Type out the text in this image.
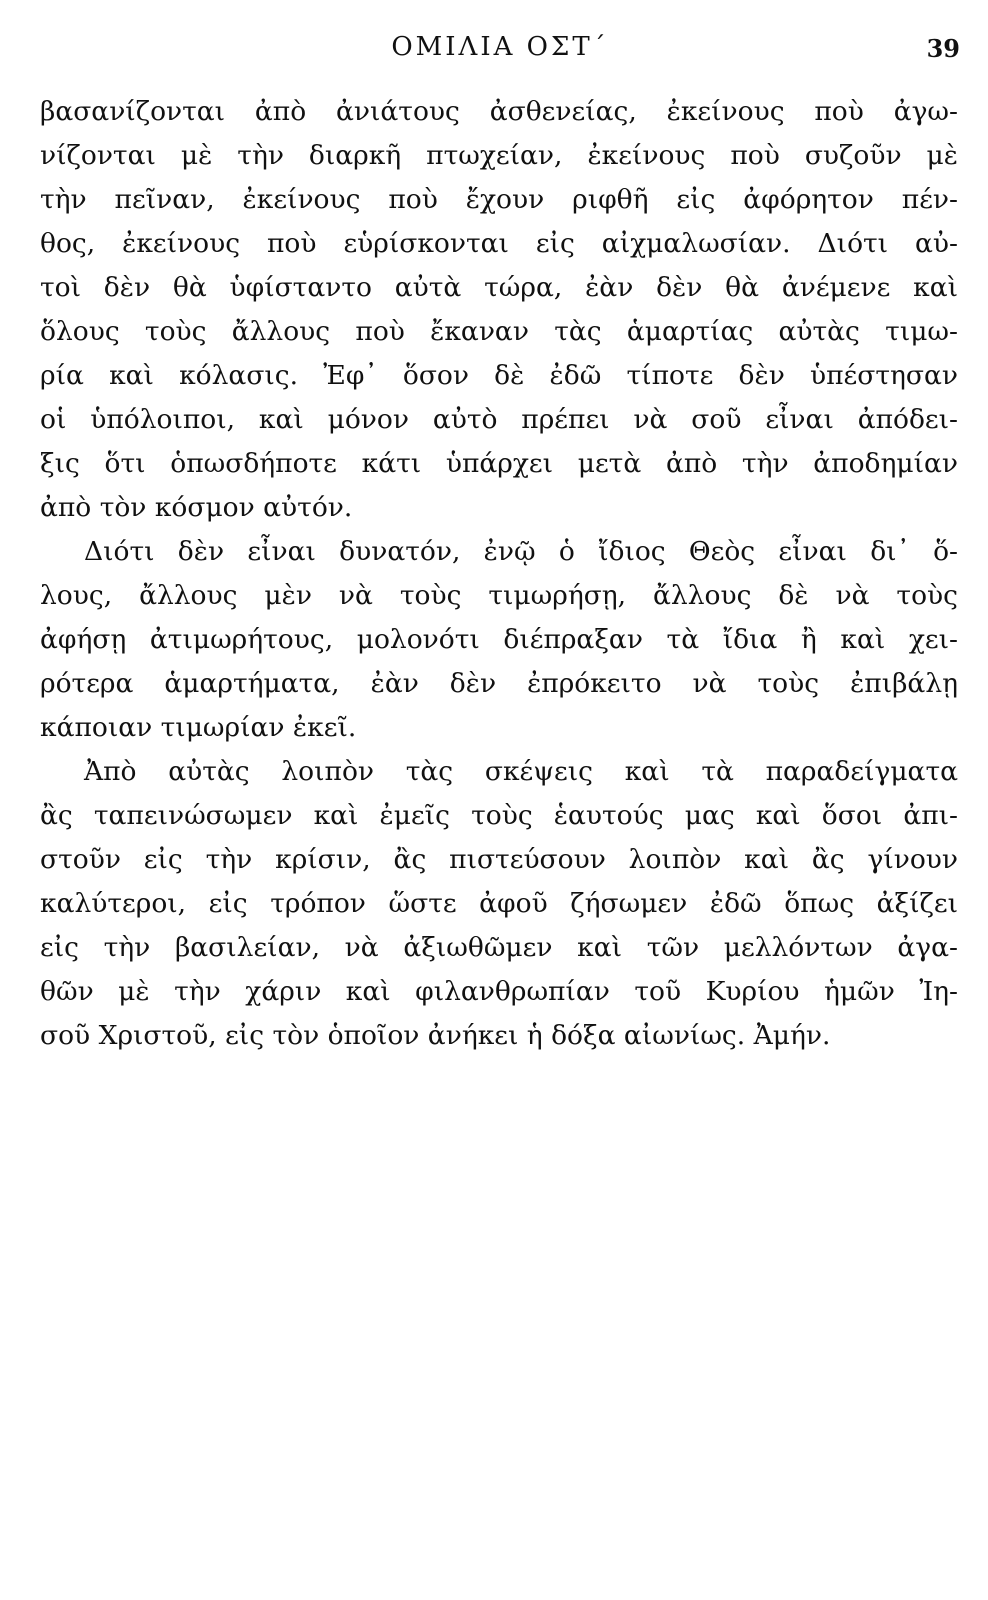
ΟΜΙΛΙΑ ΟΣΤ΄	39
βασανίζονται ἀπὸ ἀνιάτους ἀσθενείας, ἐκείνους ποὺ ἀγω-
νίζονται μὲ τὴν διαρκῆ πτωχείαν, ἐκείνους ποὺ συζοῦν μὲ
τὴν πεῖναν, ἐκείνους ποὺ ἔχουν ριφθῆ εἰς ἀφόρητον πέν-
θος, ἐκείνους ποὺ εὑρίσκονται εἰς αἰχμαλωσίαν. Διότι αὐ-
τοὶ δὲν θὰ ὑφίσταντο αὐτὰ τώρα, ἐὰν δὲν θὰ ἀνέμενε καὶ
ὅλους τοὺς ἄλλους ποὺ ἔκαναν τὰς ἁμαρτίας αὐτὰς τιμω-
ρία καὶ κόλασις. Ἐφ᾽ ὅσον δὲ ἐδῶ τίποτε δὲν ὑπέστησαν
οἱ ὑπόλοιποι, καὶ μόνον αὐτὸ πρέπει νὰ σοῦ εἶναι ἀπόδει-
ξις ὅτι ὁπωσδήποτε κάτι ὑπάρχει μετὰ ἀπὸ τὴν ἀποδημίαν
ἀπὸ τὸν κόσμον αὐτόν.
Διότι δὲν εἶναι δυνατόν, ἐνῷ ὁ ἴδιος Θεὸς εἶναι δι᾽ ὅ-
λους, ἄλλους μὲν νὰ τοὺς τιμωρήσῃ, ἄλλους δὲ νὰ τοὺς
ἀφήσῃ ἀτιμωρήτους, μολονότι διέπραξαν τὰ ἴδια ἢ καὶ χει-
ρότερα ἁμαρτήματα, ἐὰν δὲν ἐπρόκειτο νὰ τοὺς ἐπιβάλῃ
κάποιαν τιμωρίαν ἐκεῖ.
Ἀπὸ αὐτὰς λοιπὸν τὰς σκέψεις καὶ τὰ παραδείγματα
ἂς ταπεινώσωμεν καὶ ἐμεῖς τοὺς ἑαυτούς μας καὶ ὅσοι ἀπι-
στοῦν εἰς τὴν κρίσιν, ἂς πιστεύσουν λοιπὸν καὶ ἂς γίνουν
καλύτεροι, εἰς τρόπον ὥστε ἀφοῦ ζήσωμεν ἐδῶ ὅπως ἀξίζει
εἰς τὴν βασιλείαν, νὰ ἀξιωθῶμεν καὶ τῶν μελλόντων ἀγα-
θῶν μὲ τὴν χάριν καὶ φιλανθρωπίαν τοῦ Κυρίου ἡμῶν Ἰη-
σοῦ Χριστοῦ, εἰς τὸν ὁποῖον ἀνήκει ἡ δόξα αἰωνίως. Ἀμήν.
